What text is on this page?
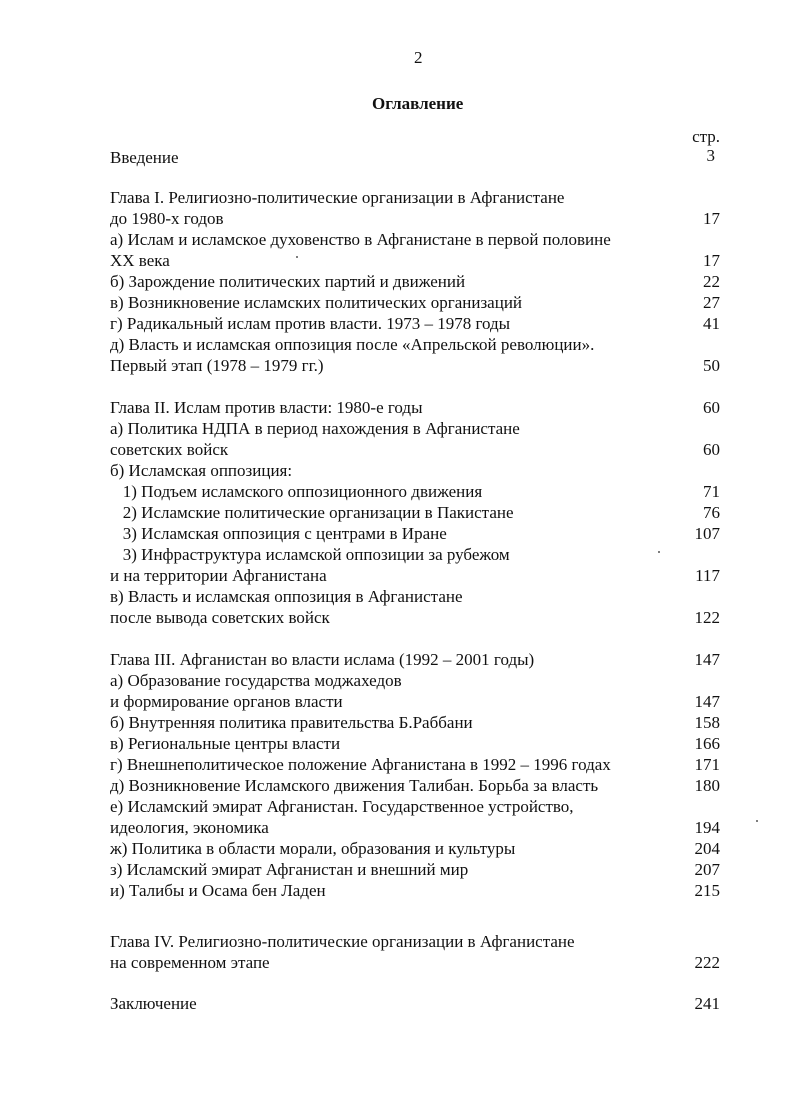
2
Оглавление
стр.
Введение	3
Глава I. Религиозно-политические организации в Афганистане
до 1980-х годов	17
а) Ислам и исламское духовенство в Афганистане в первой половине
XX века	17
б) Зарождение политических партий и движений	22
в) Возникновение исламских политических организаций	27
г) Радикальный ислам против власти. 1973 – 1978 годы	41
д) Власть и исламская оппозиция после «Апрельской революции».
Первый этап (1978 – 1979 гг.)	50
Глава II. Ислам против власти: 1980-е годы	60
а) Политика НДПА в период нахождения в Афганистане
советских войск	60
б) Исламская оппозиция:
1) Подъем исламского оппозиционного движения	71
2) Исламские политические организации в Пакистане	76
3) Исламская оппозиция с центрами в Иране	107
3) Инфраструктура исламской оппозиции за рубежом
и на территории Афганистана	117
в) Власть и исламская оппозиция в Афганистане
после вывода советских войск	122
Глава III. Афганистан во власти ислама (1992 – 2001 годы)	147
а) Образование государства моджахедов
и формирование органов власти	147
б) Внутренняя политика правительства Б.Раббани	158
в) Региональные центры власти	166
г) Внешнеполитическое положение Афганистана в 1992 – 1996 годах	171
д) Возникновение Исламского движения Талибан. Борьба за власть	180
е) Исламский эмират Афганистан. Государственное устройство,
идеология, экономика	194
ж) Политика в области морали, образования и культуры	204
з) Исламский эмират Афганистан и внешний мир	207
и) Талибы и Осама бен Ладен	215
Глава IV. Религиозно-политические организации в Афганистане
на современном этапе	222
Заключение	241
